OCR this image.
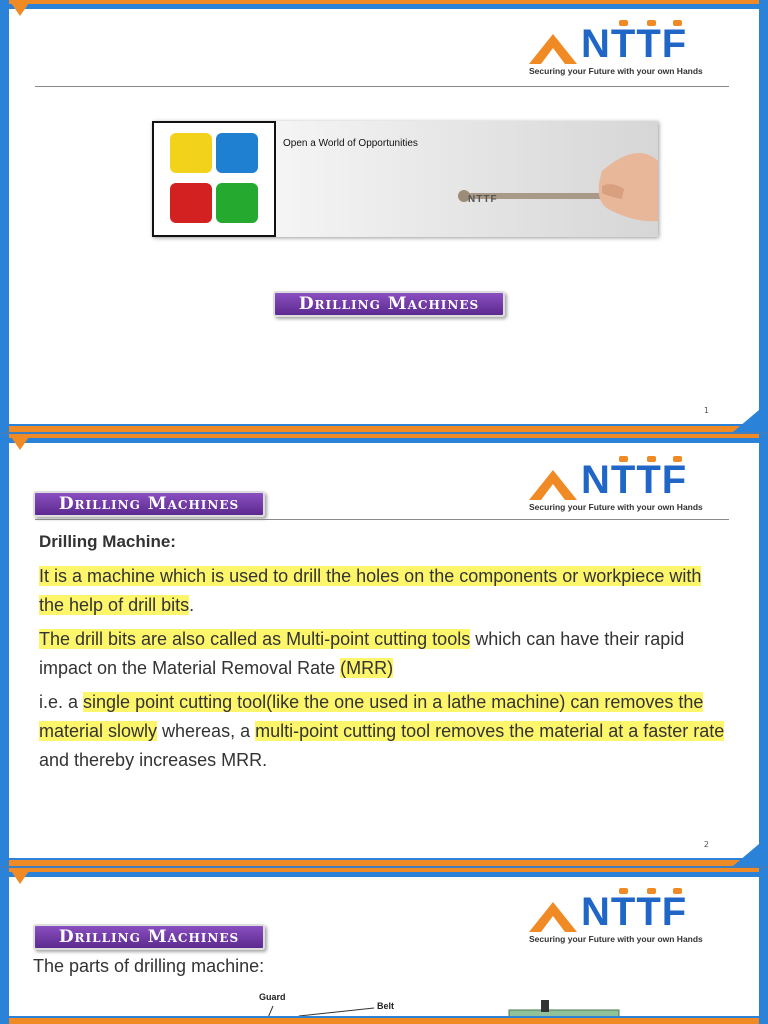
NTTF
Securing your Future with your own Hands
Open a World of Opportunities
NTTF
Drilling Machines
1
NTTF
Securing your Future with your own Hands
Drilling Machines
Drilling Machine:

It is a machine which is used to drill the holes on the components or workpiece with the help of drill bits.

The drill bits are also called as Multi-point cutting tools which can have their rapid impact on the Material Removal Rate (MRR)

i.e. a single point cutting tool(like the one used in a lathe machine) can removes the material slowly whereas, a multi-point cutting tool removes the material at a faster rate and thereby increases MRR.

2
NTTF
Securing your Future with your own Hands
Drilling Machines
The parts of drilling machine:
Guard
Belt
